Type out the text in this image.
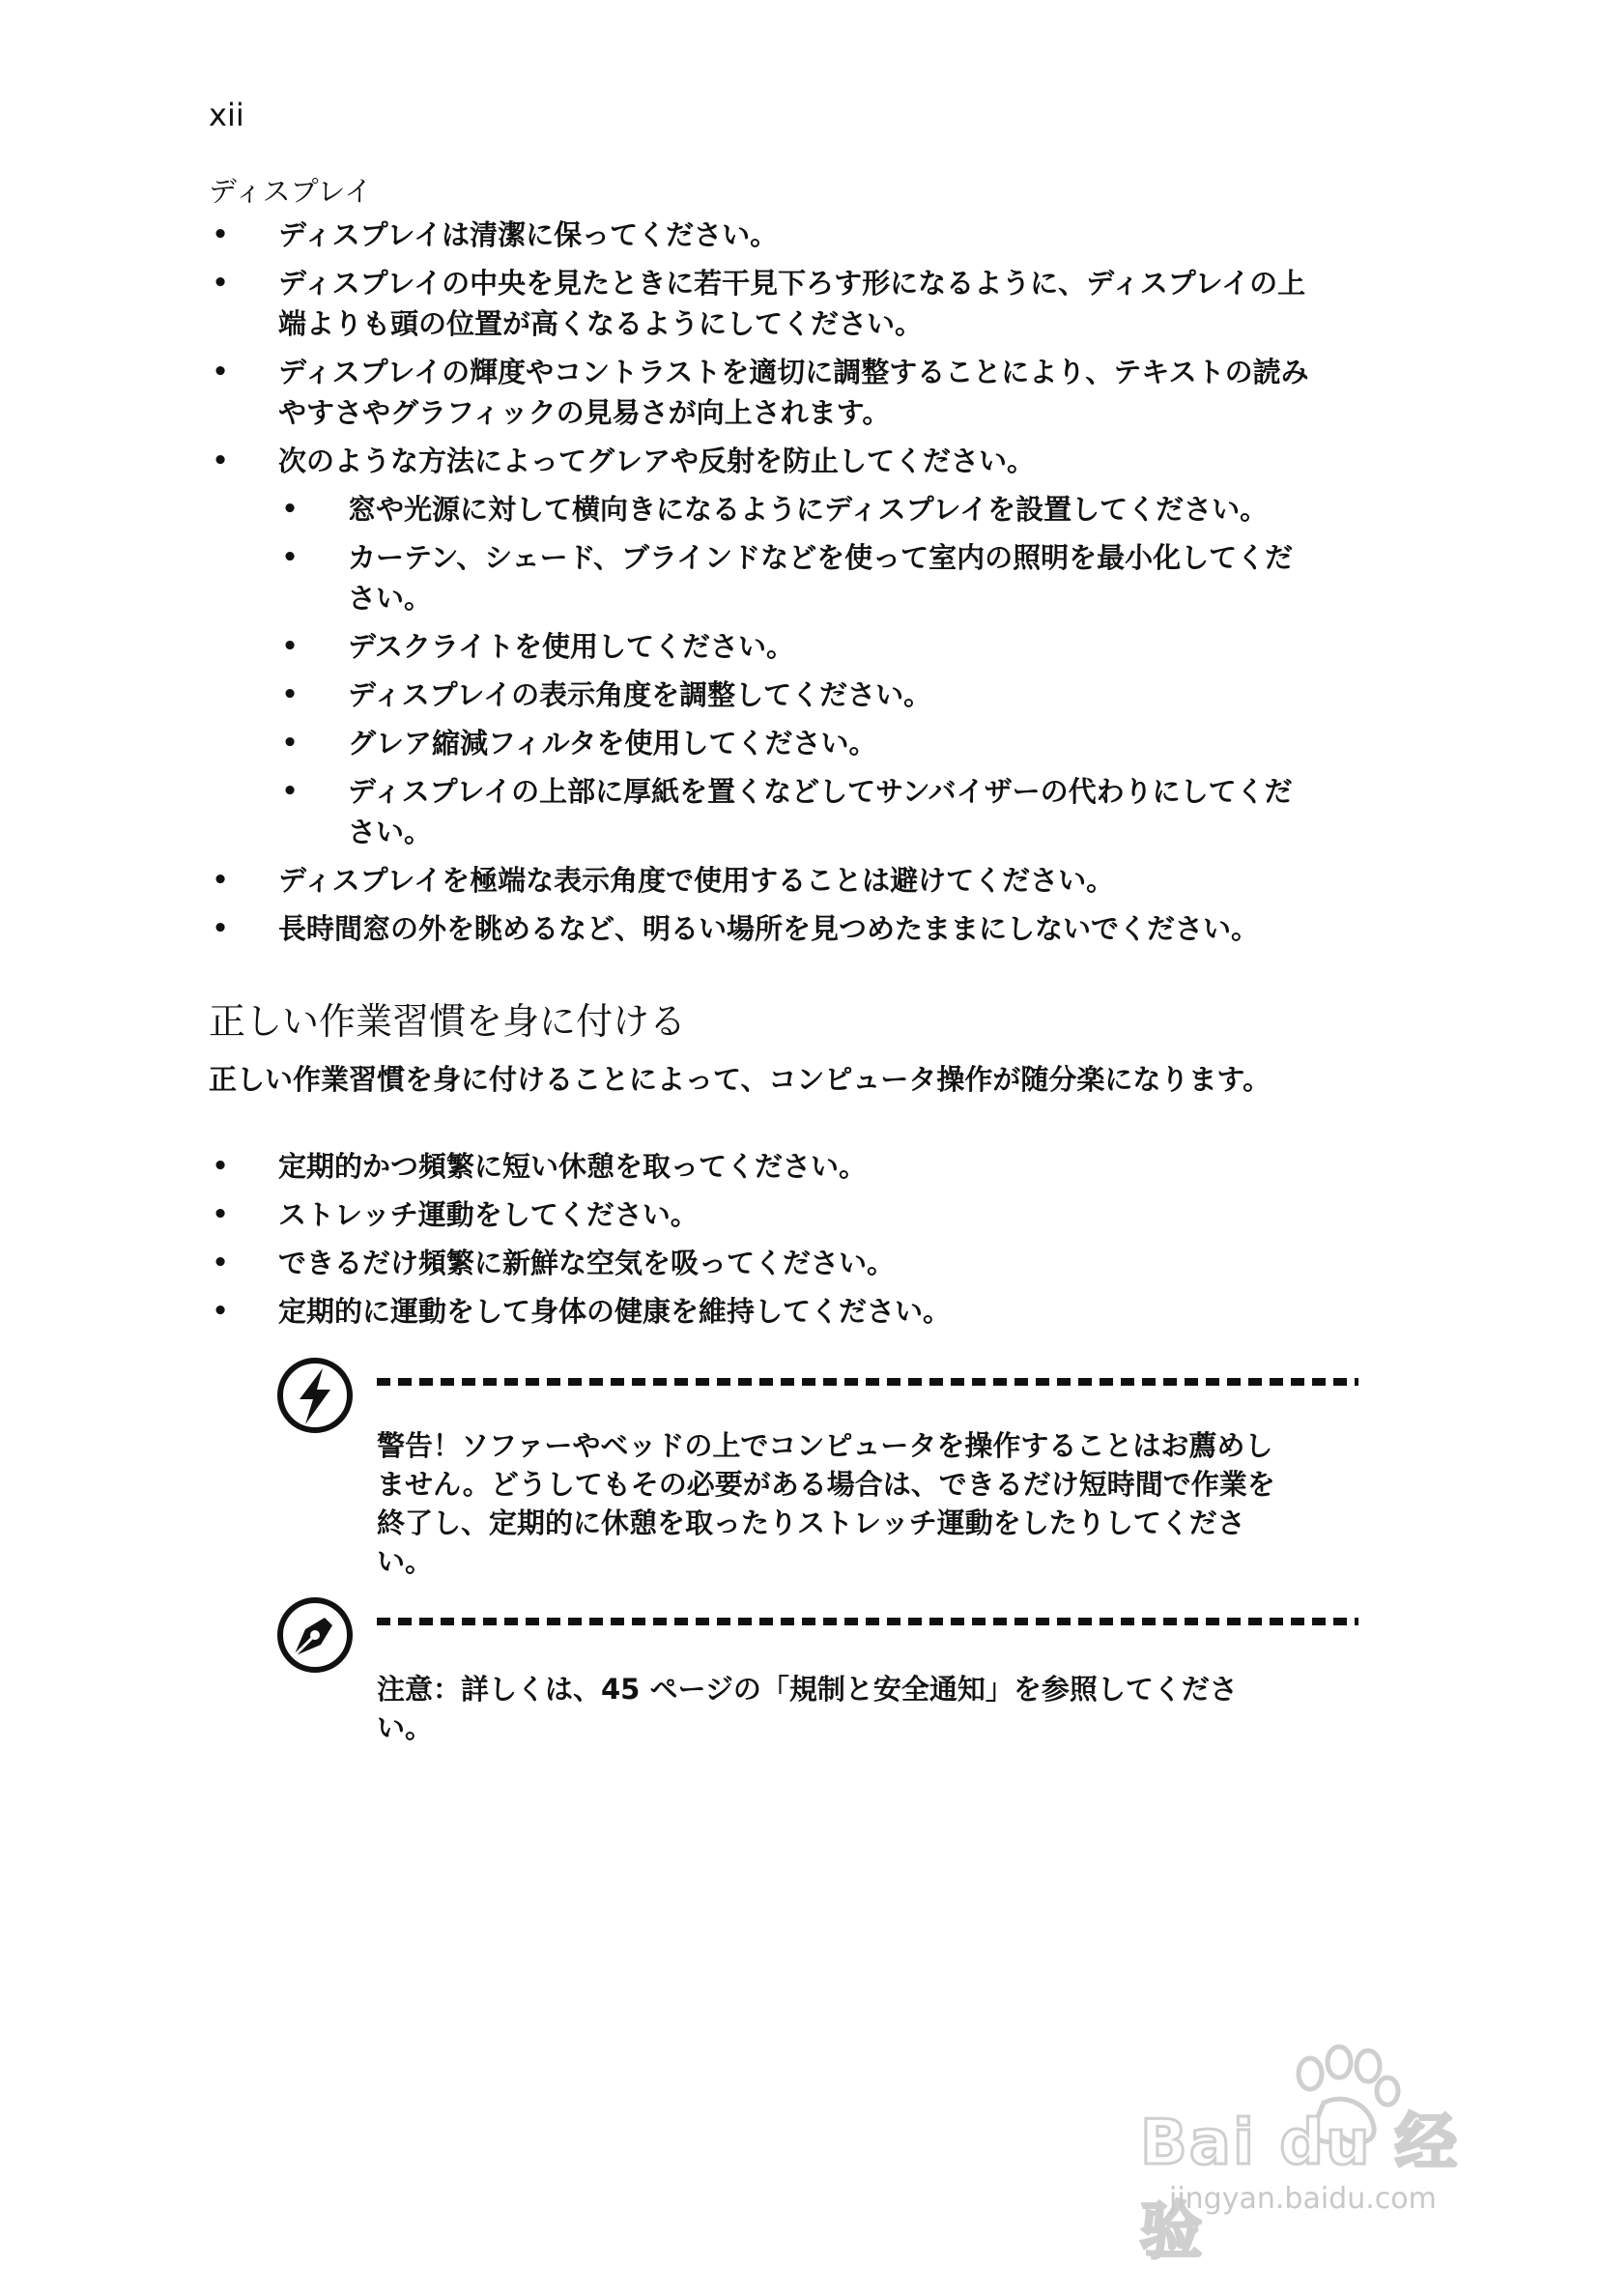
xii
ディスプレイ
• ディスプレイは清潔に保ってください。
• ディスプレイの中央を見たときに若干見下ろす形になるように、ディスプレイの上端よりも頭の位置が高くなるようにしてください。
• ディスプレイの輝度やコントラストを適切に調整することにより、テキストの読みやすさやグラフィックの見易さが向上されます。
• 次のような方法によってグレアや反射を防止してください。
• 窓や光源に対して横向きになるようにディスプレイを設置してください。
• カーテン、シェード、ブラインドなどを使って室内の照明を最小化してください。
• デスクライトを使用してください。
• ディスプレイの表示角度を調整してください。
• グレア縮減フィルタを使用してください。
• ディスプレイの上部に厚紙を置くなどしてサンバイザーの代わりにしてください。
• ディスプレイを極端な表示角度で使用することは避けてください。
• 長時間窓の外を眺めるなど、明るい場所を見つめたままにしないでください。
正しい作業習慣を身に付ける
正しい作業習慣を身に付けることによって、コンピュータ操作が随分楽になります。
• 定期的かつ頻繁に短い休憩を取ってください。
• ストレッチ運動をしてください。
• できるだけ頻繁に新鮮な空気を吸ってください。
• 定期的に運動をして身体の健康を維持してください。
警告！ソファーやベッドの上でコンピュータを操作することはお薦めしません。どうしてもその必要がある場合は、できるだけ短時間で作業を終了し、定期的に休憩を取ったりストレッチ運動をしたりしてください。
注意：詳しくは、45 ページの「規制と安全通知」を参照してください。
Bai du 经验
jingyan.baidu.com
